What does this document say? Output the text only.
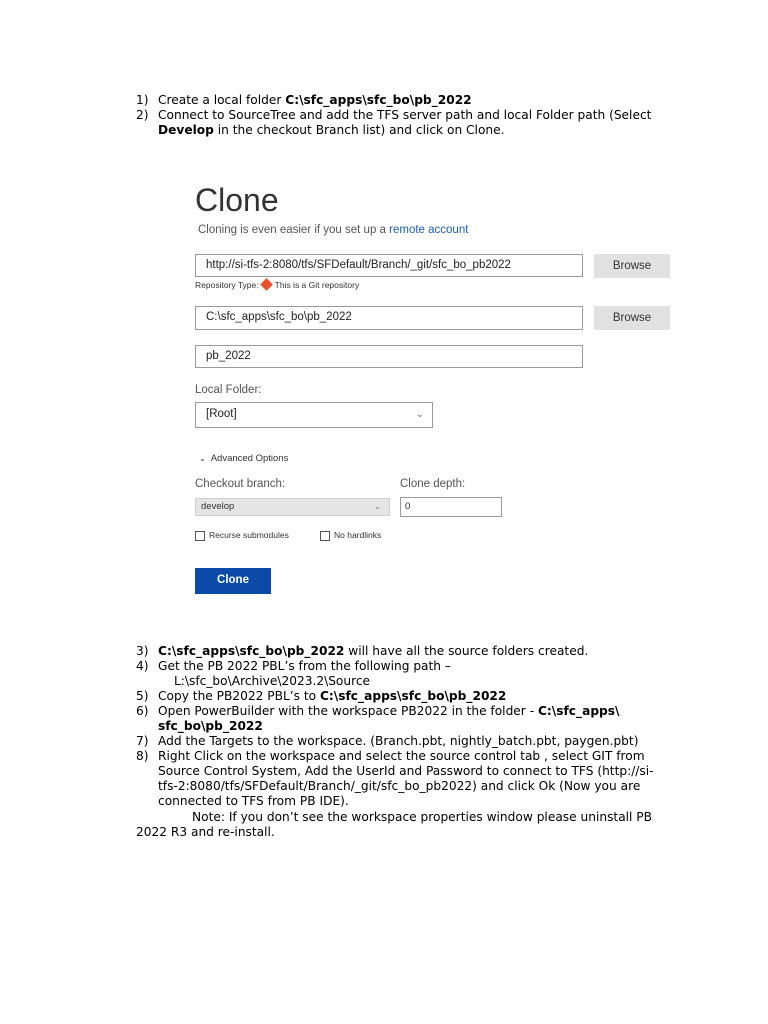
1) Create a local folder C:\sfc_apps\sfc_bo\pb_2022
2) Connect to SourceTree and add the TFS server path and local Folder path (Select
Develop in the checkout Branch list) and click on Clone.
Clone
Cloning is even easier if you set up a remote account
http://si-tfs-2:8080/tfs/SFDefault/Branch/_git/sfc_bo_pb2022	Browse
Repository Type: This is a Git repository
C:\sfc_apps\sfc_bo\pb_2022	Browse
pb_2022
Local Folder:
[Root]	⌄
⌄ Advanced Options
Checkout branch:
develop	⌄
Clone depth:
0
Recurse submodules	No hardlinks
Clone
3) C:\sfc_apps\sfc_bo\pb_2022 will have all the source folders created.
4) Get the PB 2022 PBL’s from the following path –
L:\sfc_bo\Archive\2023.2\Source
5) Copy the PB2022 PBL’s to C:\sfc_apps\sfc_bo\pb_2022
6) Open PowerBuilder with the workspace PB2022 in the folder - C:\sfc_apps\
sfc_bo\pb_2022
7) Add the Targets to the workspace. (Branch.pbt, nightly_batch.pbt, paygen.pbt)
8) Right Click on the workspace and select the source control tab , select GIT from
Source Control System, Add the UserId and Password to connect to TFS (http://si-
tfs-2:8080/tfs/SFDefault/Branch/_git/sfc_bo_pb2022) and click Ok (Now you are
connected to TFS from PB IDE).
Note: If you don’t see the workspace properties window please uninstall PB
2022 R3 and re-install.
